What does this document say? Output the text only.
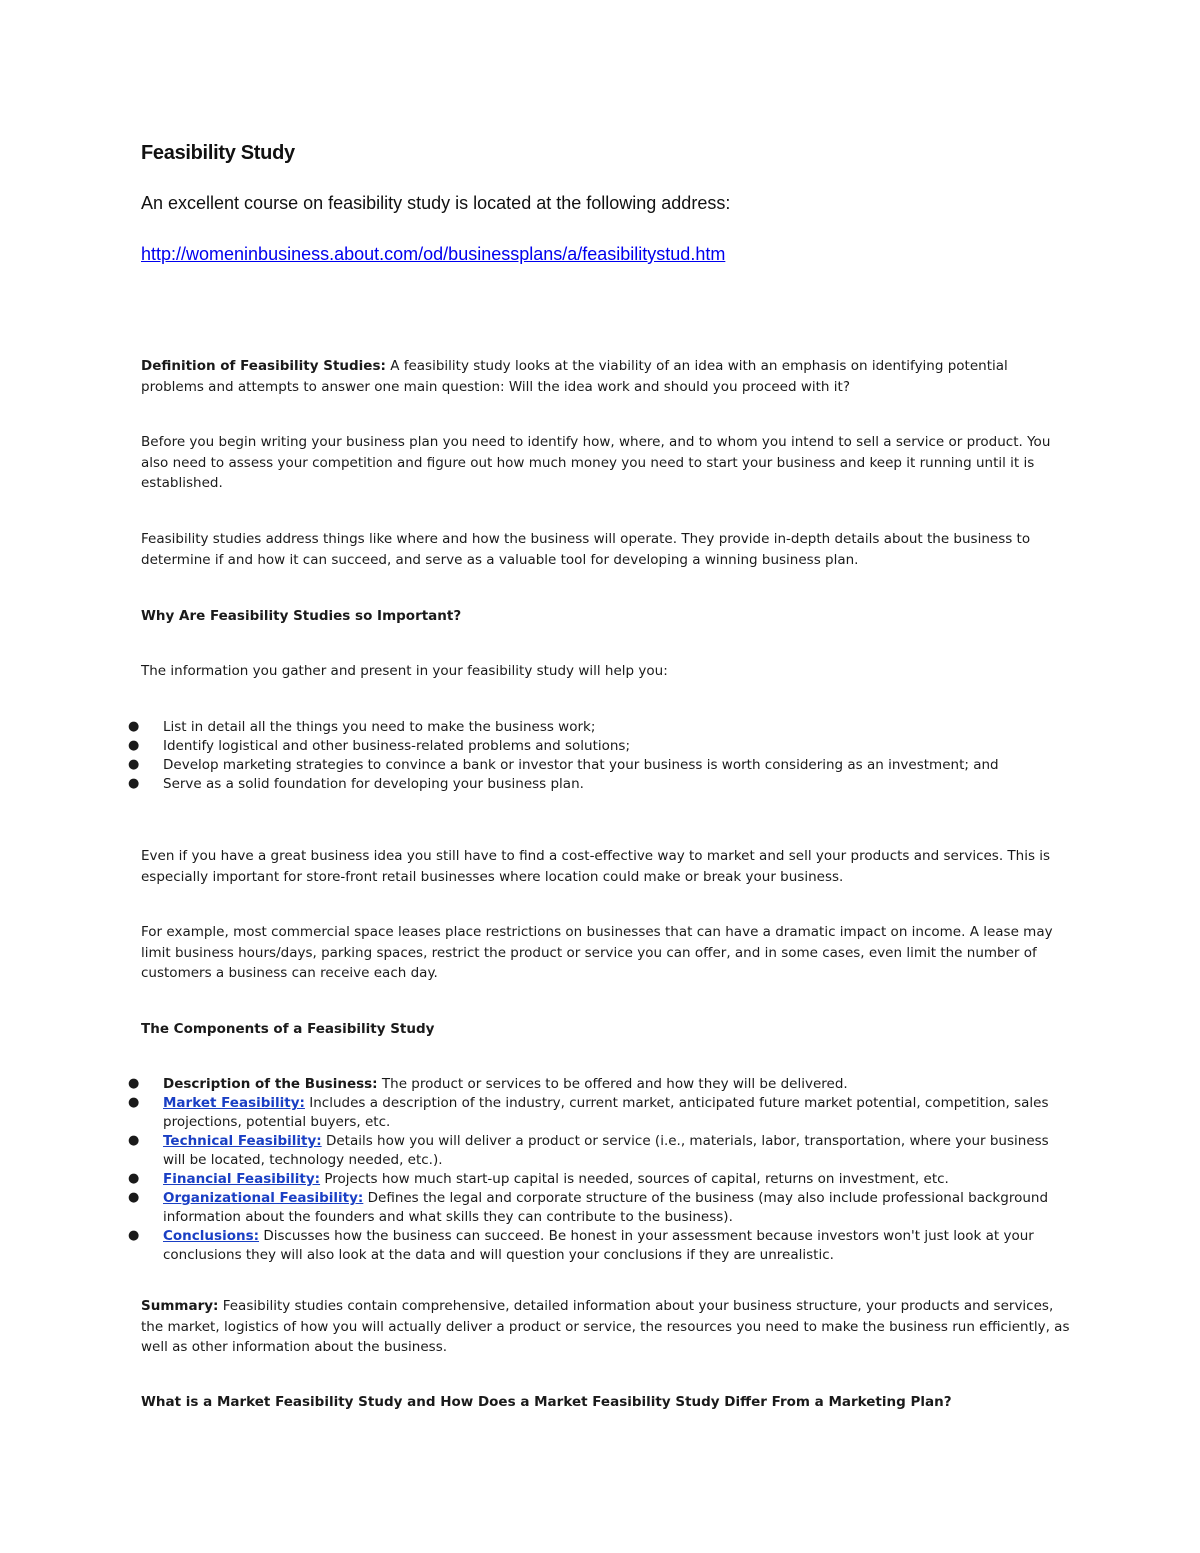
Feasibility Study

An excellent course on feasibility study is located at the following address:

http://womeninbusiness.about.com/od/businessplans/a/feasibilitystud.htm

Definition of Feasibility Studies: A feasibility study looks at the viability of an idea with an emphasis on identifying potential problems and attempts to answer one main question: Will the idea work and should you proceed with it?

Before you begin writing your business plan you need to identify how, where, and to whom you intend to sell a service or product. You also need to assess your competition and figure out how much money you need to start your business and keep it running until it is established.

Feasibility studies address things like where and how the business will operate. They provide in-depth details about the business to determine if and how it can succeed, and serve as a valuable tool for developing a winning business plan.

Why Are Feasibility Studies so Important?

The information you gather and present in your feasibility study will help you:

● List in detail all the things you need to make the business work;
● Identify logistical and other business-related problems and solutions;
● Develop marketing strategies to convince a bank or investor that your business is worth considering as an investment; and
● Serve as a solid foundation for developing your business plan.

Even if you have a great business idea you still have to find a cost-effective way to market and sell your products and services. This is especially important for store-front retail businesses where location could make or break your business.

For example, most commercial space leases place restrictions on businesses that can have a dramatic impact on income. A lease may limit business hours/days, parking spaces, restrict the product or service you can offer, and in some cases, even limit the number of customers a business can receive each day.

The Components of a Feasibility Study
● Description of the Business: The product or services to be offered and how they will be delivered.
● Market Feasibility: Includes a description of the industry, current market, anticipated future market potential, competition, sales projections, potential buyers, etc.
● Technical Feasibility: Details how you will deliver a product or service (i.e., materials, labor, transportation, where your business will be located, technology needed, etc.).
● Financial Feasibility: Projects how much start-up capital is needed, sources of capital, returns on investment, etc.
● Organizational Feasibility: Defines the legal and corporate structure of the business (may also include professional background information about the founders and what skills they can contribute to the business).
● Conclusions: Discusses how the business can succeed. Be honest in your assessment because investors won't just look at your conclusions they will also look at the data and will question your conclusions if they are unrealistic.

Summary: Feasibility studies contain comprehensive, detailed information about your business structure, your products and services, the market, logistics of how you will actually deliver a product or service, the resources you need to make the business run efficiently, as well as other information about the business.

What is a Market Feasibility Study and How Does a Market Feasibility Study Differ From a Marketing Plan?
